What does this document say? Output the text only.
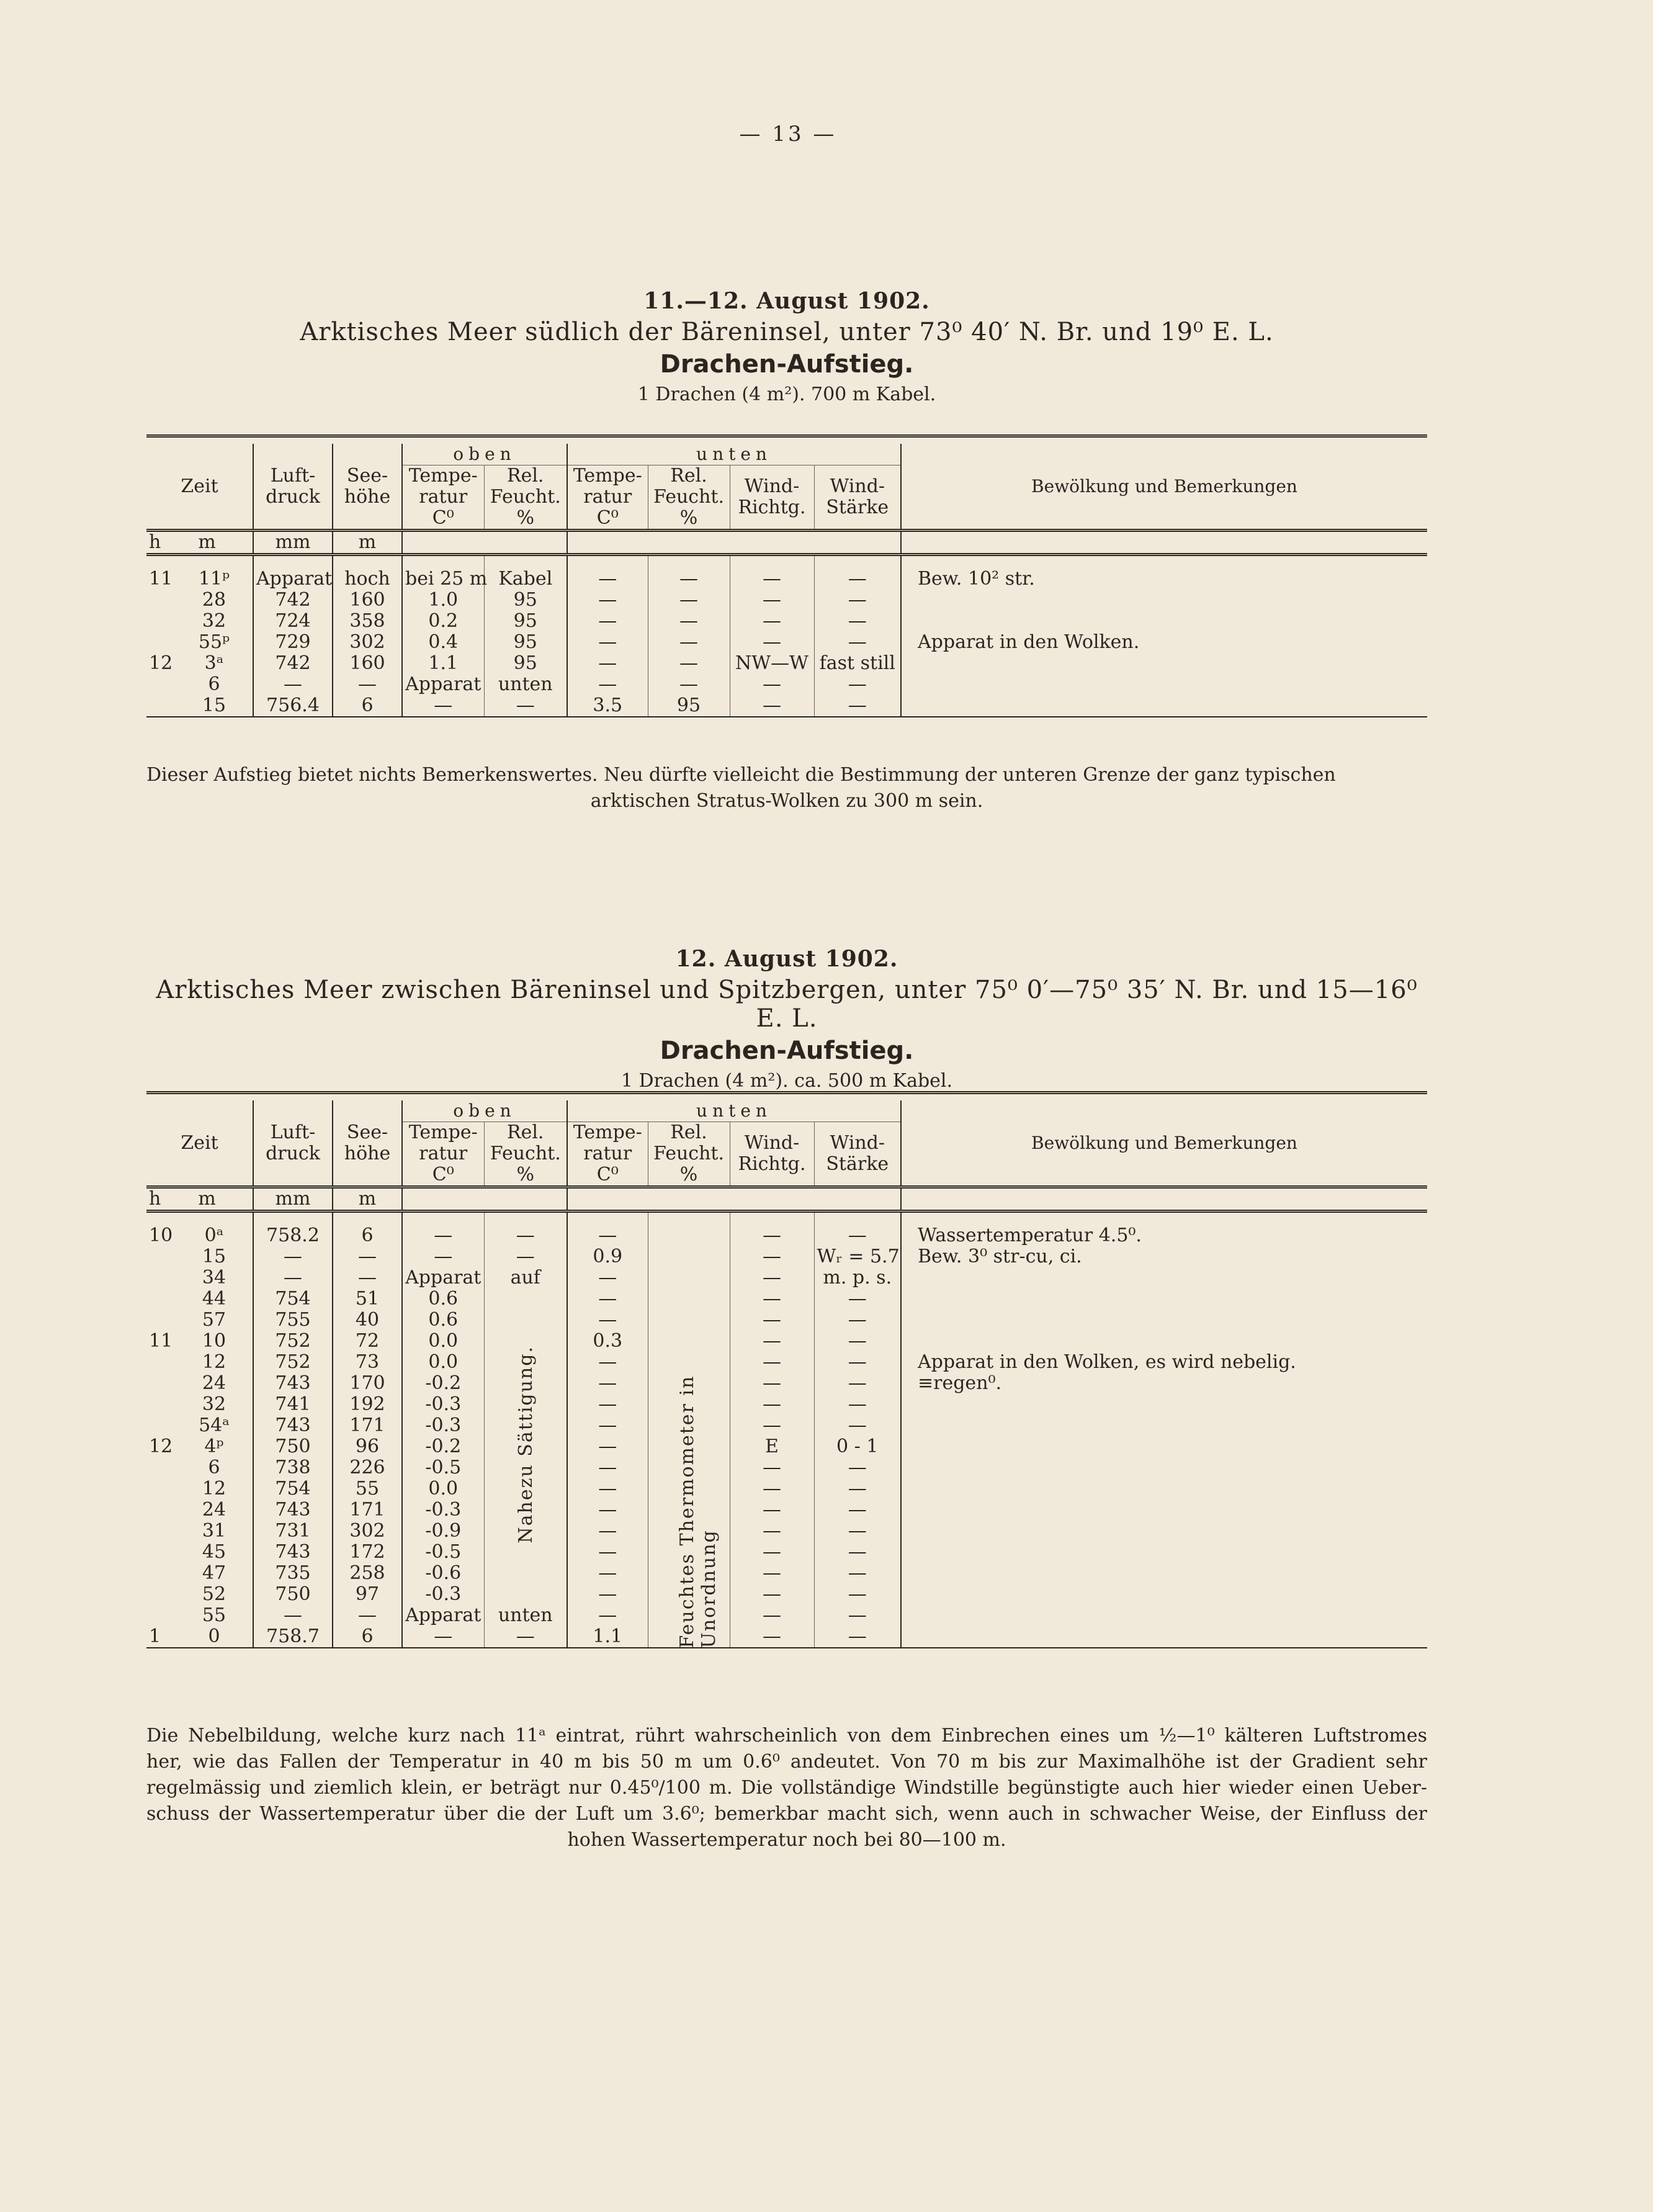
— 13 —
11.—12. August 1902.
Arktisches Meer südlich der Bäreninsel, unter 73⁰ 40′ N. Br. und 19⁰ E. L.
Drachen-Aufstieg.
1 Drachen (4 m²). 700 m Kabel.

Zeit	Luft- druck	See- höhe	oben		unten				Bewölkung und Bemerkungen
			Tempe- ratur	Rel. Feucht.	Tempe- ratur	Rel. Feucht.	Wind- Richtg.	Wind- Stärke	
			C⁰	%	C⁰	%			
h m	mm	m							

11 11ᵖ	Apparat	hoch	bei 25 m	Kabel	—	—	—	—	Bew. 10² str.
28	742	160	1.0	95	—	—	—	—	
32	724	358	0.2	95	—	—	—	—	
55ᵖ	729	302	0.4	95	—	—	—	—	Apparat in den Wolken.
12 3ᵃ	742	160	1.1	95	—	—	NW—W	fast still	
6	—	—	Apparat	unten	—	—	—	—	
15	756.4	6	—	—	3.5	95	—	—	
Dieser Aufstieg bietet nichts Bemerkenswertes. Neu dürfte vielleicht die Bestimmung der unteren Grenze der ganz typischen
arktischen Stratus-Wolken zu 300 m sein.
12. August 1902.
Arktisches Meer zwischen Bäreninsel und Spitzbergen, unter 75⁰ 0′—75⁰ 35′ N. Br. und 15—16⁰ E. L.
Drachen-Aufstieg.
1 Drachen (4 m²). ca. 500 m Kabel.

Zeit	Luft- druck	See- höhe	oben		unten				Bewölkung und Bemerkungen
			Tempe- ratur	Rel. Feucht.	Tempe- ratur	Rel. Feucht.	Wind- Richtg.	Wind- Stärke	
			C⁰	%	C⁰	%			
h m	mm	m							

10 0ᵃ	758.2	6	—	—	—		—	—	Wassertemperatur 4.5⁰.
15	—	—	—	—	0.9		—	Wᵣ = 5.7	Bew. 3⁰ str-cu, ci.
34	—	—	Apparat	auf	—		—	m. p. s.	
44	754	51	0.6		—		—	—	
57	755	40	0.6		—		—	—	
11 10	752	72	0.0		0.3		—	—	
12	752	73	0.0		—		—	—	Apparat in den Wolken, es wird nebelig.
24	743	170	-0.2		—		—	—	≡regen⁰.
32	741	192	-0.3		—		—	—	
54ᵃ	743	171	-0.3		—		—	—	
12 4ᵖ	750	96	-0.2		—		E	0 - 1	
6	738	226	-0.5		—		—	—	
12	754	55	0.0		—		—	—	
24	743	171	-0.3		—		—	—	
31	731	302	-0.9		—		—	—	
45	743	172	-0.5		—		—	—	
47	735	258	-0.6		—		—	—	
52	750	97	-0.3		—		—	—	
55	—	—	Apparat	unten	—		—	—	
1 0	758.7	6	—	—	1.1		—	—	
Nahezu Sättigung.	Feuchtes Thermometer in Unordnung
Die Nebelbildung, welche kurz nach 11ᵃ eintrat, rührt wahrscheinlich von dem Einbrechen eines um ½—1⁰ kälteren Luftstromes
her, wie das Fallen der Temperatur in 40 m bis 50 m um 0.6⁰ andeutet. Von 70 m bis zur Maximalhöhe ist der Gradient sehr
regelmässig und ziemlich klein, er beträgt nur 0.45⁰/100 m. Die vollständige Windstille begünstigte auch hier wieder einen Ueber-
schuss der Wassertemperatur über die der Luft um 3.6⁰; bemerkbar macht sich, wenn auch in schwacher Weise, der Einfluss der
hohen Wassertemperatur noch bei 80—100 m.
